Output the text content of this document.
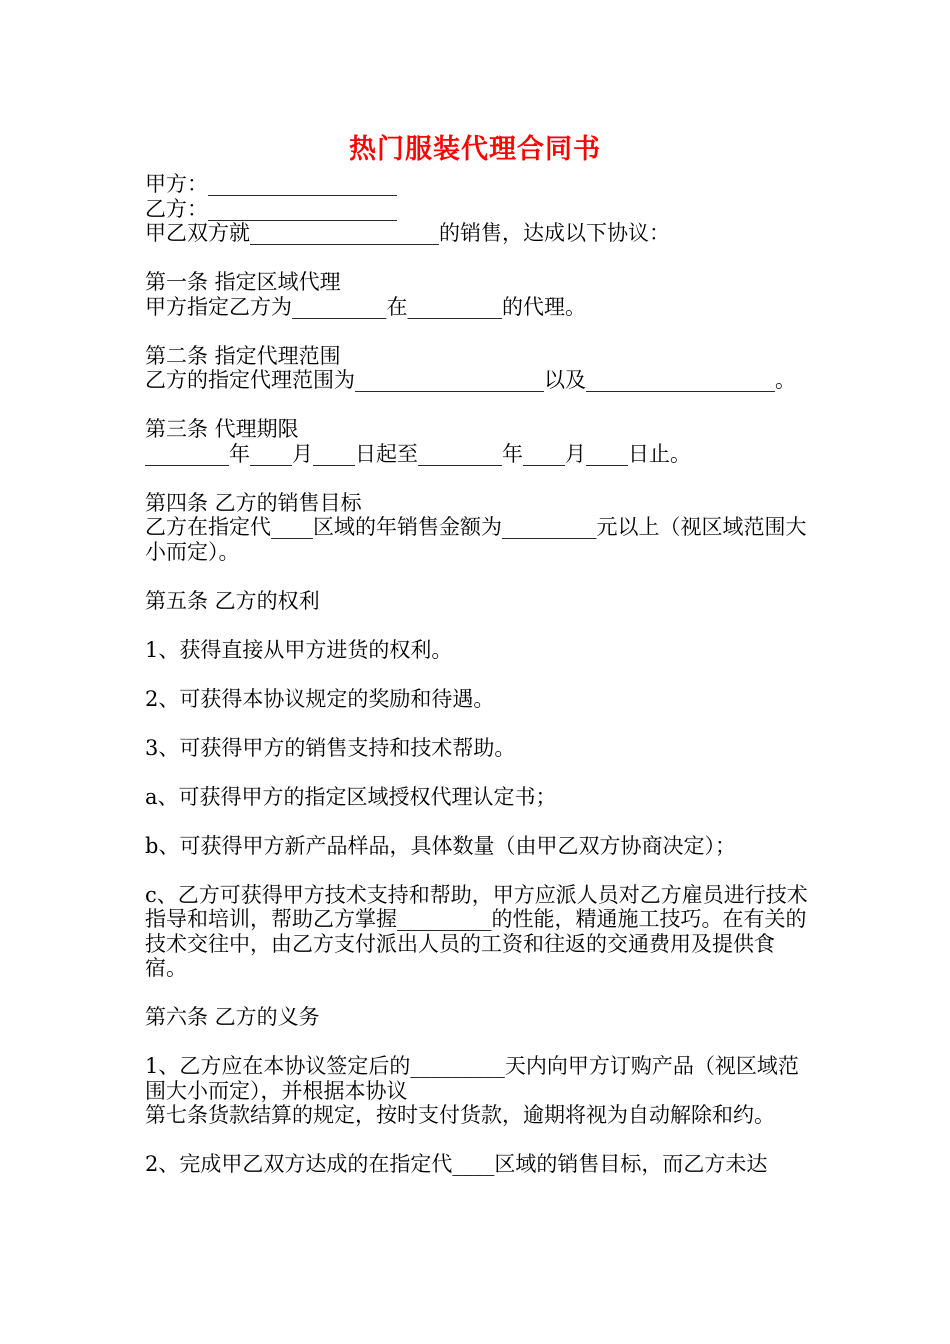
热门服装代理合同书
甲方：__________________
乙方：__________________
甲乙双方就__________________的销售，达成以下协议：
第一条 指定区域代理
甲方指定乙方为_________在_________的代理。
第二条 指定代理范围
乙方的指定代理范围为__________________以及__________________。
第三条 代理期限
________年____月____日起至________年____月____日止。
第四条 乙方的销售目标
乙方在指定代____区域的年销售金额为_________元以上（视区域范围大小而定）。
第五条 乙方的权利
1、获得直接从甲方进货的权利。
2、可获得本协议规定的奖励和待遇。
3、可获得甲方的销售支持和技术帮助。
a、可获得甲方的指定区域授权代理认定书；
b、可获得甲方新产品样品，具体数量（由甲乙双方协商决定）；
c、乙方可获得甲方技术支持和帮助，甲方应派人员对乙方雇员进行技术指导和培训，帮助乙方掌握_________的性能，精通施工技巧。在有关的技术交往中，由乙方支付派出人员的工资和往返的交通费用及提供食宿。
第六条 乙方的义务
1、乙方应在本协议签定后的_________天内向甲方订购产品（视区域范围大小而定），并根据本协议
第七条货款结算的规定，按时支付货款，逾期将视为自动解除和约。
2、完成甲乙双方达成的在指定代____区域的销售目标，而乙方未达
